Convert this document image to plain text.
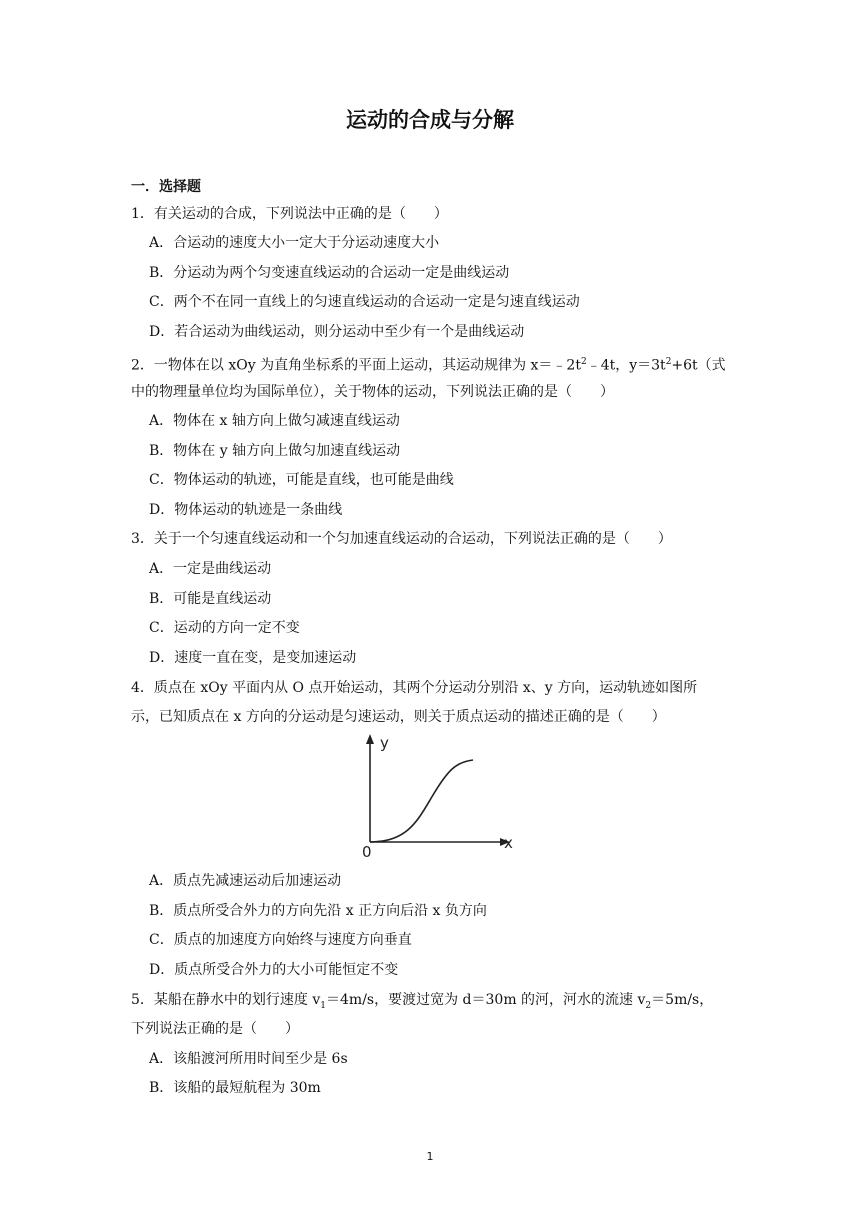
运动的合成与分解
一．选择题
1．有关运动的合成，下列说法中正确的是（　　）
A．合运动的速度大小一定大于分运动速度大小
B．分运动为两个匀变速直线运动的合运动一定是曲线运动
C．两个不在同一直线上的匀速直线运动的合运动一定是匀速直线运动
D．若合运动为曲线运动，则分运动中至少有一个是曲线运动
2．一物体在以 xOy 为直角坐标系的平面上运动，其运动规律为 $x=﹣2t^2﹣4t$，$y=3t^2+6t$（式
中的物理量单位均为国际单位），关于物体的运动，下列说法正确的是（　　）
A．物体在 x 轴方向上做匀减速直线运动
B．物体在 y 轴方向上做匀加速直线运动
C．物体运动的轨迹，可能是直线，也可能是曲线
D．物体运动的轨迹是一条曲线
3．关于一个匀速直线运动和一个匀加速直线运动的合运动，下列说法正确的是（　　）
A．一定是曲线运动
B．可能是直线运动
C．运动的方向一定不变
D．速度一直在变，是变加速运动
4．质点在 xOy 平面内从 O 点开始运动，其两个分运动分别沿 x、y 方向，运动轨迹如图所
示，已知质点在 x 方向的分运动是匀速运动，则关于质点运动的描述正确的是（　　）
y
x
0
A．质点先减速运动后加速运动
B．质点所受合外力的方向先沿 x 正方向后沿 x 负方向
C．质点的加速度方向始终与速度方向垂直
D．质点所受合外力的大小可能恒定不变
5．某船在静水中的划行速度 $v_1=4m/s$，要渡过宽为 d＝30m 的河，河水的流速 $v_2=5m/s$，
下列说法正确的是（　　）
A．该船渡河所用时间至少是 6s
B．该船的最短航程为 30m
1
